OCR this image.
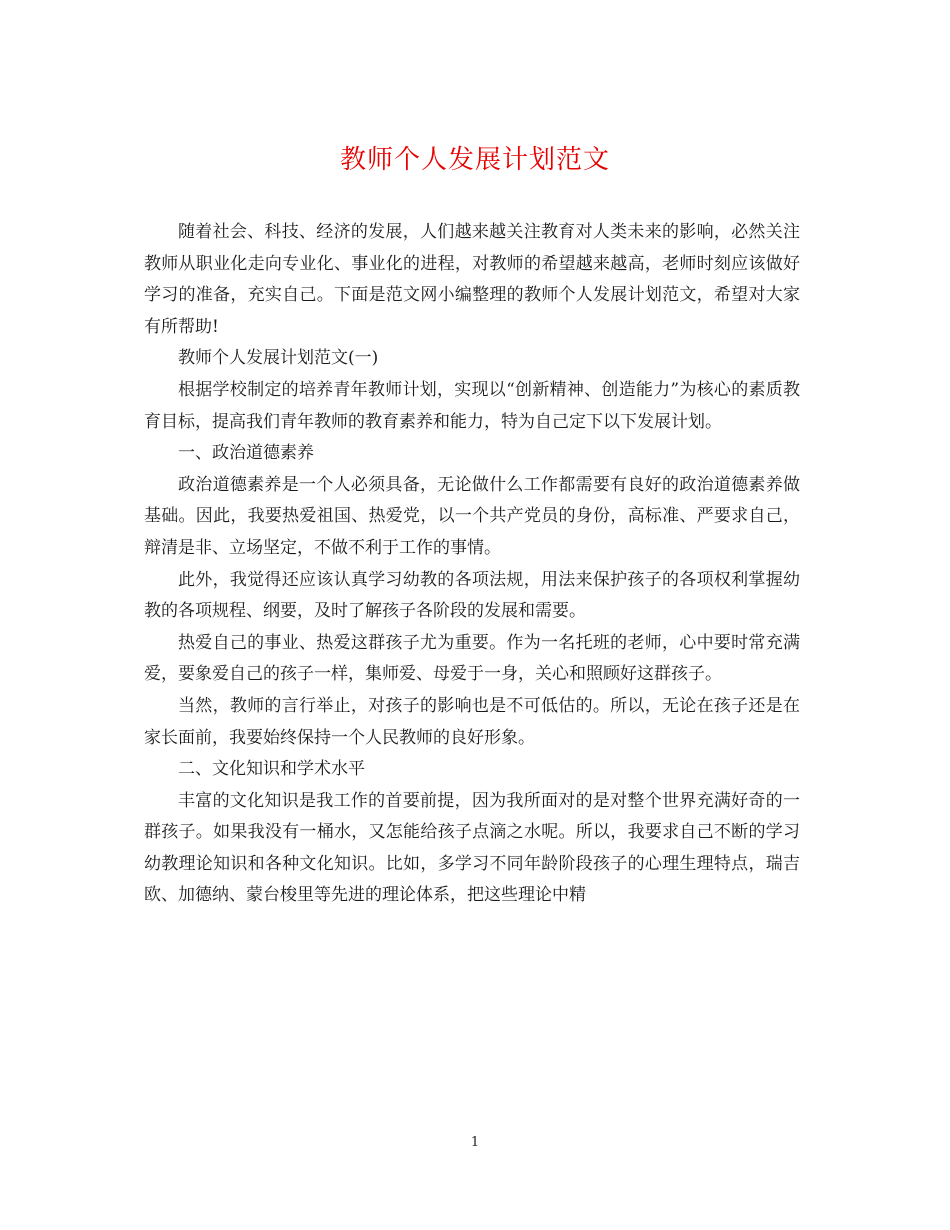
教师个人发展计划范文

随着社会、科技、经济的发展，人们越来越关注教育对人类未来的影响，必然关注教师从职业化走向专业化、事业化的进程，对教师的希望越来越高，老师时刻应该做好学习的准备，充实自己。下面是范文网小编整理的教师个人发展计划范文，希望对大家有所帮助!

教师个人发展计划范文(一)

根据学校制定的培养青年教师计划，实现以“创新精神、创造能力”为核心的素质教育目标，提高我们青年教师的教育素养和能力，特为自己定下以下发展计划。

一、政治道德素养

政治道德素养是一个人必须具备，无论做什么工作都需要有良好的政治道德素养做基础。因此，我要热爱祖国、热爱党，以一个共产党员的身份，高标准、严要求自己，辩清是非、立场坚定，不做不利于工作的事情。

此外，我觉得还应该认真学习幼教的各项法规，用法来保护孩子的各项权利掌握幼教的各项规程、纲要，及时了解孩子各阶段的发展和需要。

热爱自己的事业、热爱这群孩子尤为重要。作为一名托班的老师，心中要时常充满爱，要象爱自己的孩子一样，集师爱、母爱于一身，关心和照顾好这群孩子。

当然，教师的言行举止，对孩子的影响也是不可低估的。所以，无论在孩子还是在家长面前，我要始终保持一个人民教师的良好形象。

二、文化知识和学术水平

丰富的文化知识是我工作的首要前提，因为我所面对的是对整个世界充满好奇的一群孩子。如果我没有一桶水，又怎能给孩子点滴之水呢。所以，我要求自己不断的学习幼教理论知识和各种文化知识。比如，多学习不同年龄阶段孩子的心理生理特点，瑞吉欧、加德纳、蒙台梭里等先进的理论体系，把这些理论中精

1
